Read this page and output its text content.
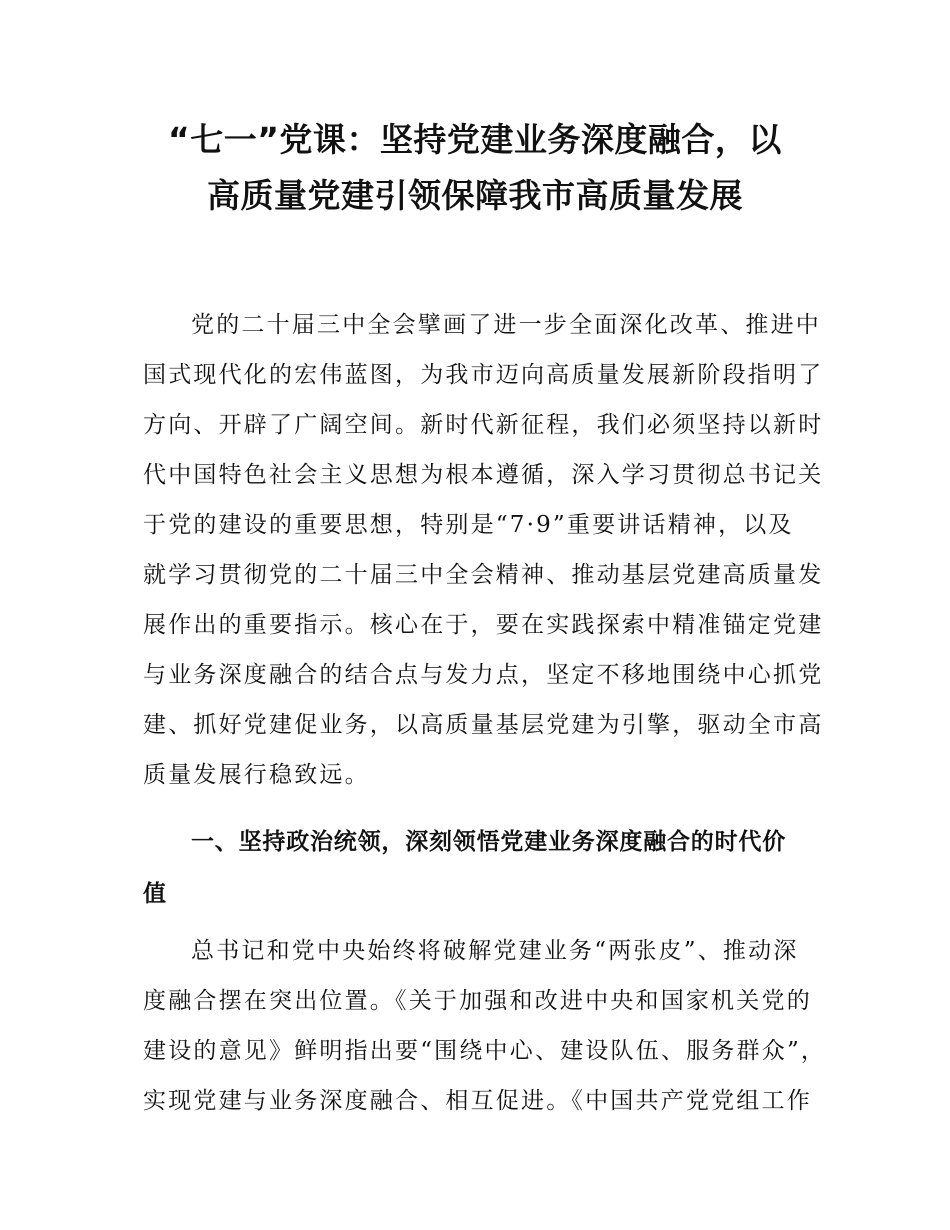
“七一”党课：坚持党建业务深度融合，以
高质量党建引领保障我市高质量发展
党的二十届三中全会擘画了进一步全面深化改革、推进中
国式现代化的宏伟蓝图，为我市迈向高质量发展新阶段指明了
方向、开辟了广阔空间。新时代新征程，我们必须坚持以新时
代中国特色社会主义思想为根本遵循，深入学习贯彻总书记关
于党的建设的重要思想，特别是“7·9”重要讲话精神，以及
就学习贯彻党的二十届三中全会精神、推动基层党建高质量发
展作出的重要指示。核心在于，要在实践探索中精准锚定党建
与业务深度融合的结合点与发力点，坚定不移地围绕中心抓党
建、抓好党建促业务，以高质量基层党建为引擎，驱动全市高
质量发展行稳致远。
一、坚持政治统领，深刻领悟党建业务深度融合的时代价
值
总书记和党中央始终将破解党建业务“两张皮”、推动深
度融合摆在突出位置。《关于加强和改进中央和国家机关党的
建设的意见》鲜明指出要“围绕中心、建设队伍、服务群众”，
实现党建与业务深度融合、相互促进。《中国共产党党组工作
